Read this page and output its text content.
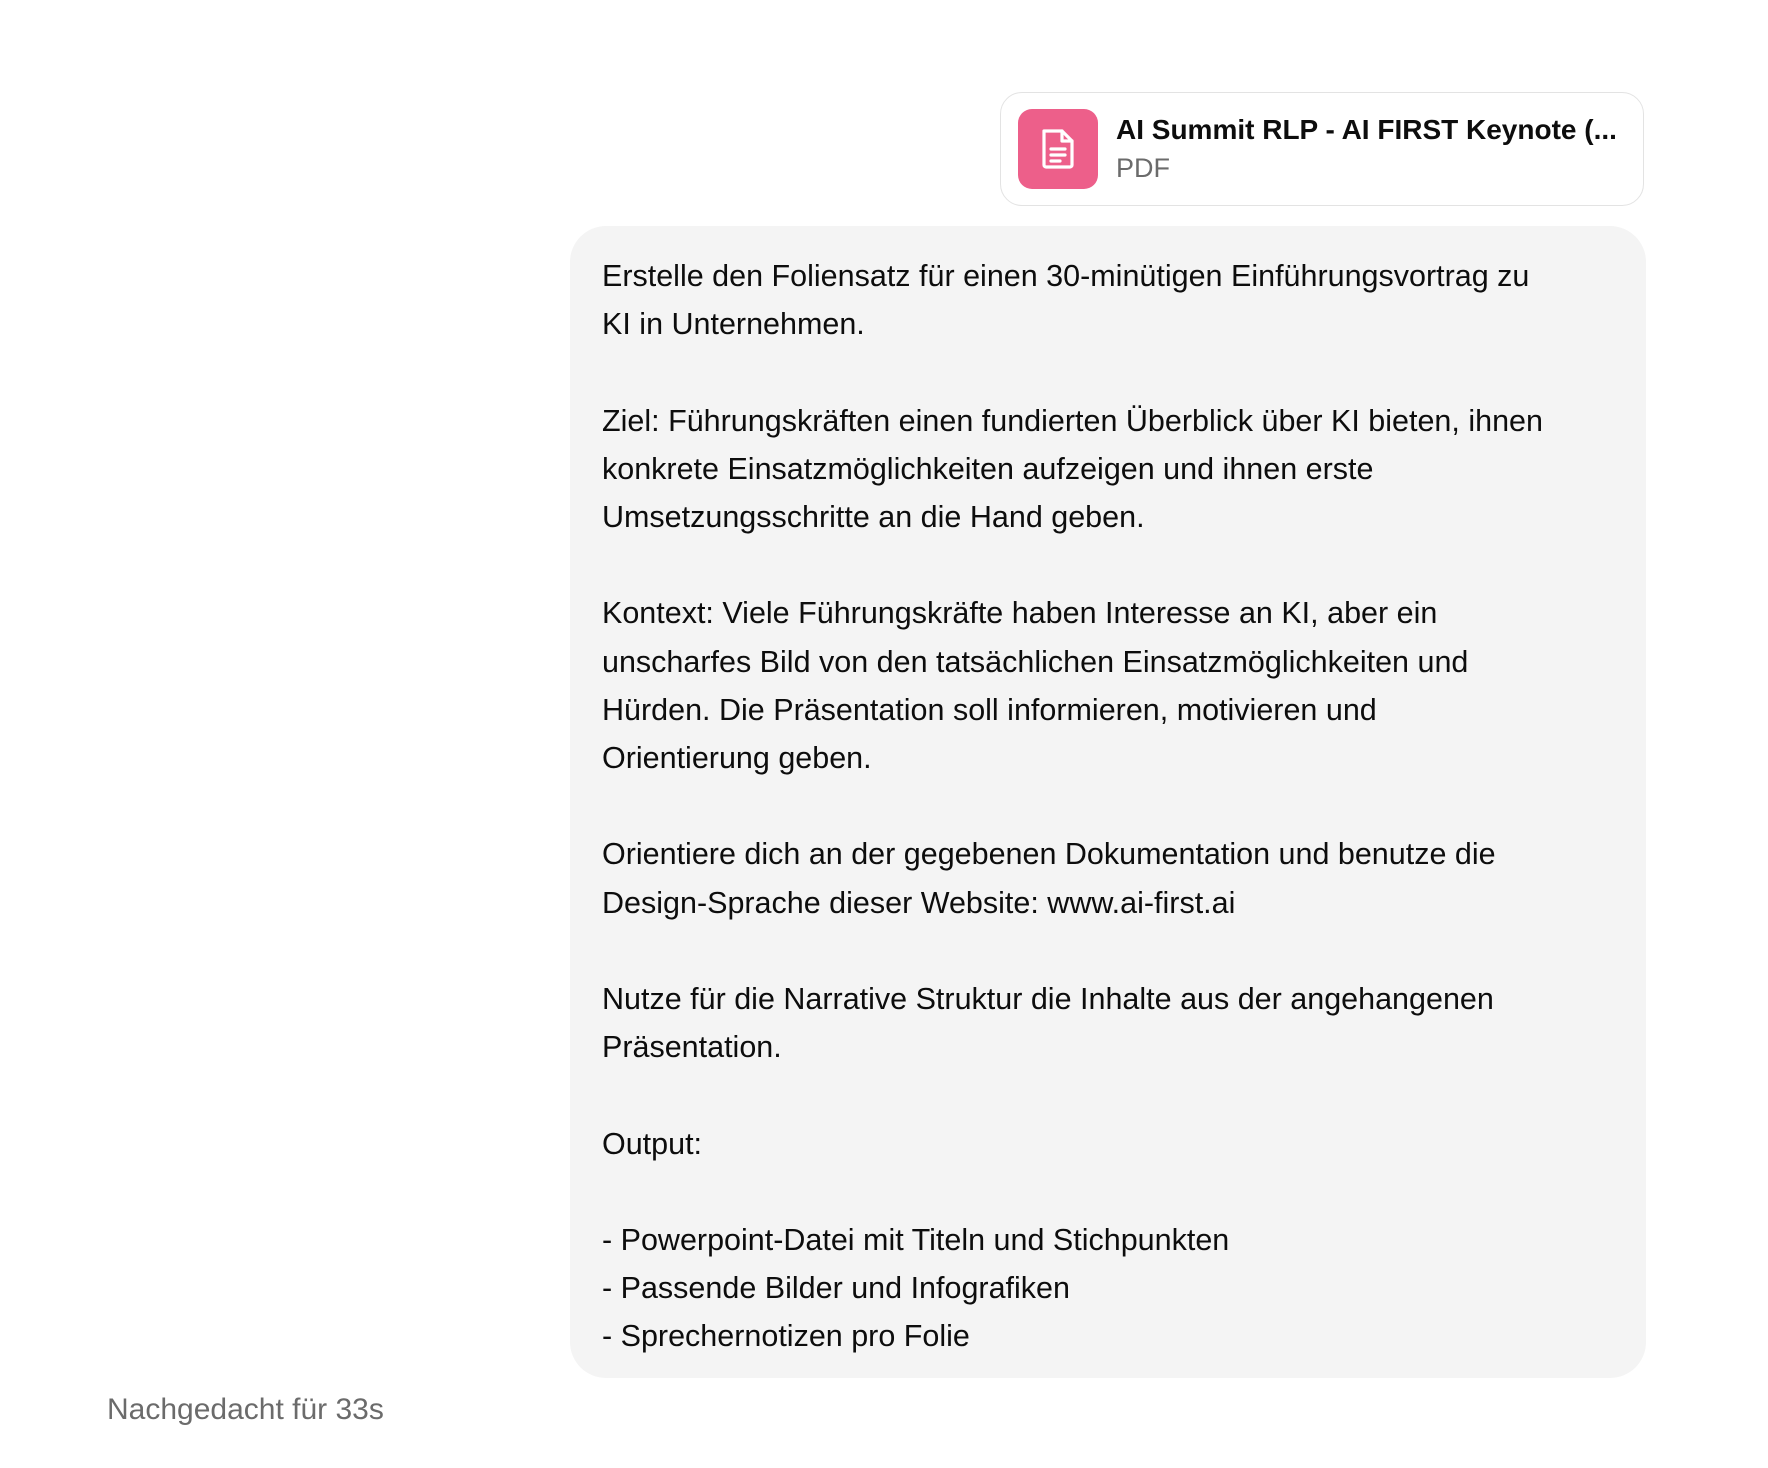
AI Summit RLP - AI FIRST Keynote (...
PDF

Erstelle den Foliensatz für einen 30-minütigen Einführungsvortrag zu
KI in Unternehmen.

Ziel: Führungskräften einen fundierten Überblick über KI bieten, ihnen
konkrete Einsatzmöglichkeiten aufzeigen und ihnen erste
Umsetzungsschritte an die Hand geben.

Kontext: Viele Führungskräfte haben Interesse an KI, aber ein
unscharfes Bild von den tatsächlichen Einsatzmöglichkeiten und
Hürden. Die Präsentation soll informieren, motivieren und
Orientierung geben.

Orientiere dich an der gegebenen Dokumentation und benutze die
Design-Sprache dieser Website: www.ai-first.ai

Nutze für die Narrative Struktur die Inhalte aus der angehangenen
Präsentation.

Output:

- Powerpoint-Datei mit Titeln und Stichpunkten
- Passende Bilder und Infografiken
- Sprechernotizen pro Folie

Nachgedacht für 33s
